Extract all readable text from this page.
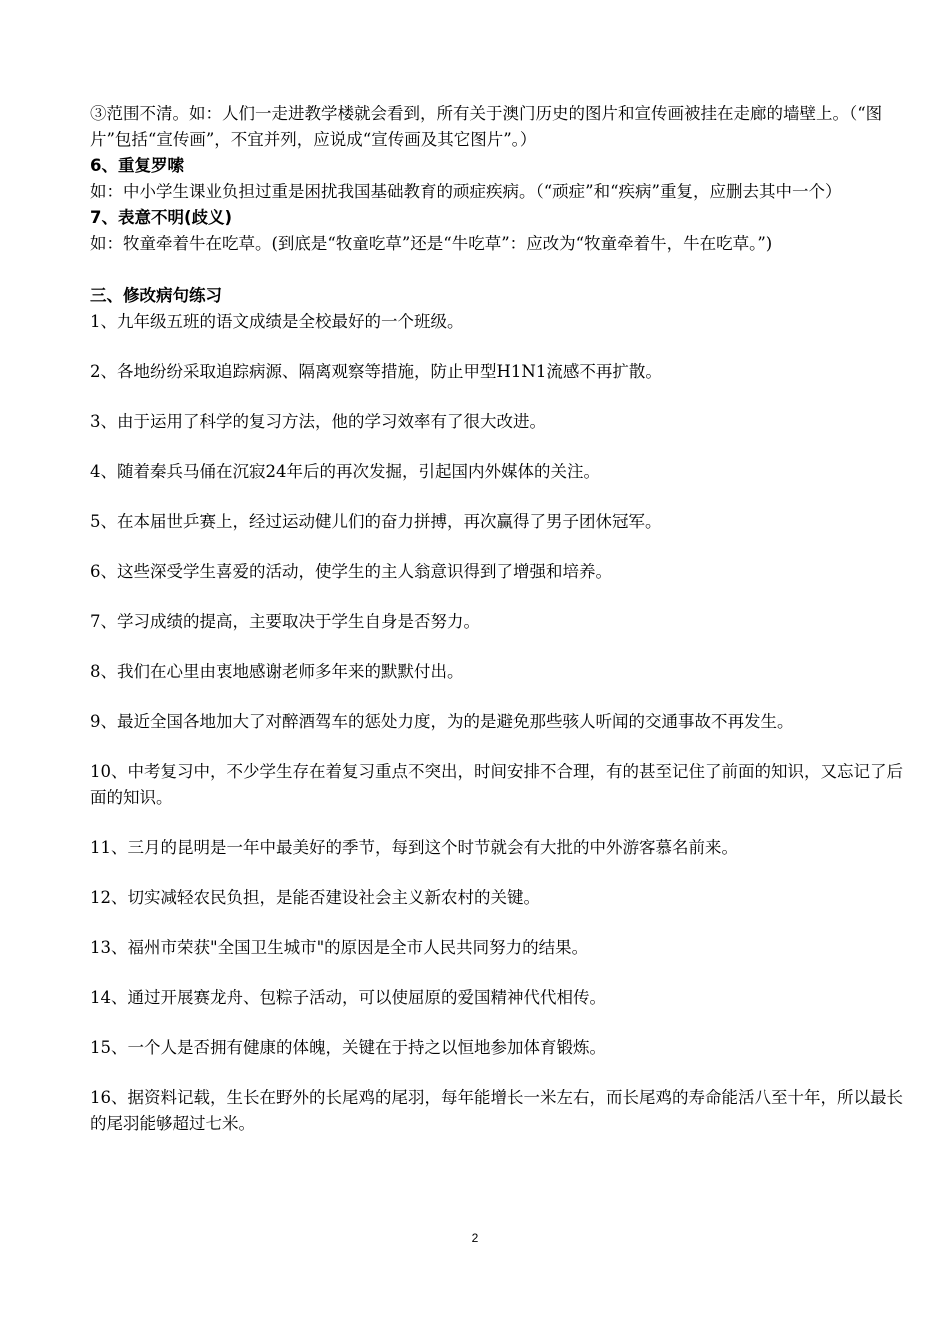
③范围不清。如：人们一走进教学楼就会看到，所有关于澳门历史的图片和宣传画被挂在走廊的墙壁上。（“图片”包括“宣传画”，不宜并列，应说成“宣传画及其它图片”。）
6、重复罗嗦
如：中小学生课业负担过重是困扰我国基础教育的顽症疾病。（“顽症”和“疾病”重复，应删去其中一个）
7、表意不明(歧义)
如：牧童牵着牛在吃草。(到底是“牧童吃草”还是“牛吃草”：应改为“牧童牵着牛，牛在吃草。”)
三、修改病句练习
1、九年级五班的语文成绩是全校最好的一个班级。
2、各地纷纷采取追踪病源、隔离观察等措施，防止甲型H1N1流感不再扩散。
3、由于运用了科学的复习方法，他的学习效率有了很大改进。
4、随着秦兵马俑在沉寂24年后的再次发掘，引起国内外媒体的关注。
5、在本届世乒赛上，经过运动健儿们的奋力拼搏，再次赢得了男子团休冠军。
6、这些深受学生喜爱的活动，使学生的主人翁意识得到了增强和培养。
7、学习成绩的提高，主要取决于学生自身是否努力。
8、我们在心里由衷地感谢老师多年来的默默付出。
9、最近全国各地加大了对醉酒驾车的惩处力度，为的是避免那些骇人听闻的交通事故不再发生。
10、中考复习中，不少学生存在着复习重点不突出，时间安排不合理，有的甚至记住了前面的知识，又忘记了后面的知识。
11、三月的昆明是一年中最美好的季节，每到这个时节就会有大批的中外游客慕名前来。
12、切实减轻农民负担，是能否建设社会主义新农村的关键。
13、福州市荣获"全国卫生城市"的原因是全市人民共同努力的结果。
14、通过开展赛龙舟、包粽子活动，可以使屈原的爱国精神代代相传。
15、一个人是否拥有健康的体魄，关键在于持之以恒地参加体育锻炼。
16、据资料记载，生长在野外的长尾鸡的尾羽，每年能增长一米左右，而长尾鸡的寿命能活八至十年，所以最长的尾羽能够超过七米。
2
